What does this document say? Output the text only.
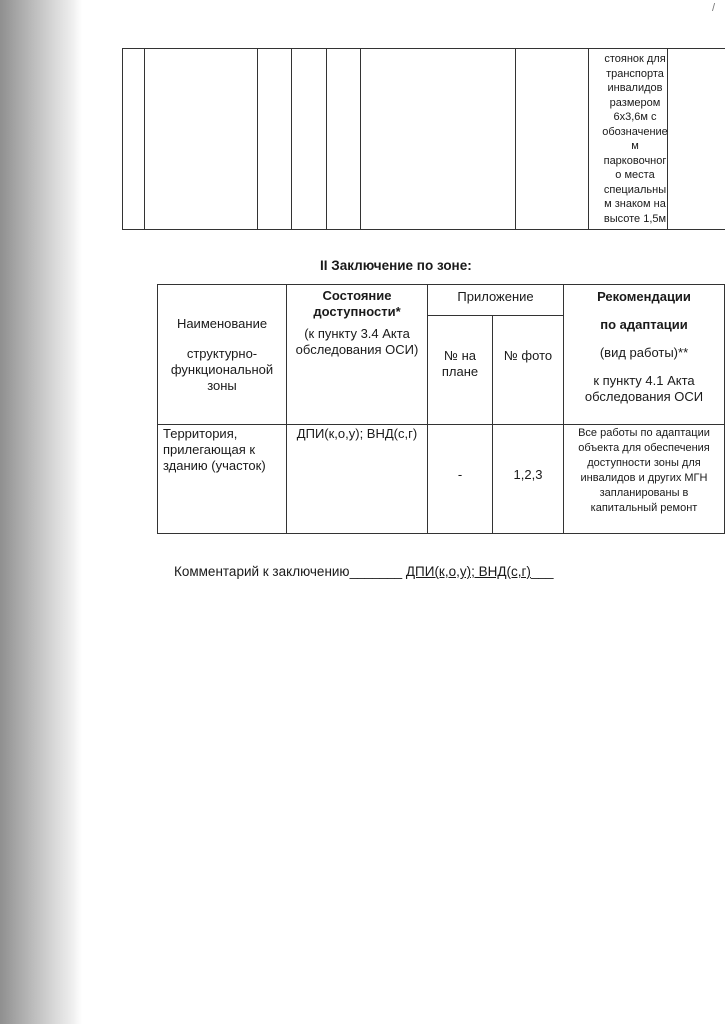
/
стоянок для
транспорта
инвалидов
размером
6х3,6м с
обозначение
м
парковочног
о места
специальны
м знаком на
высоте 1,5м
II Заключение по зоне:
Наименование
структурно-
функциональной
зоны
Состояние доступности*
(к пункту 3.4 Акта обследования ОСИ)
Приложение
№ на плане
№ фото
Рекомендации
по адаптации
(вид работы)**
к пункту 4.1 Акта обследования ОСИ
Территория, прилегающая к зданию (участок)
ДПИ(к,о,у); ВНД(с,г)
-	1,2,3
Все работы по адаптации объекта для обеспечения доступности зоны для инвалидов и других МГН запланированы в капитальный ремонт
Комментарий к заключению_______ ДПИ(к,о,у); ВНД(с,г)___
